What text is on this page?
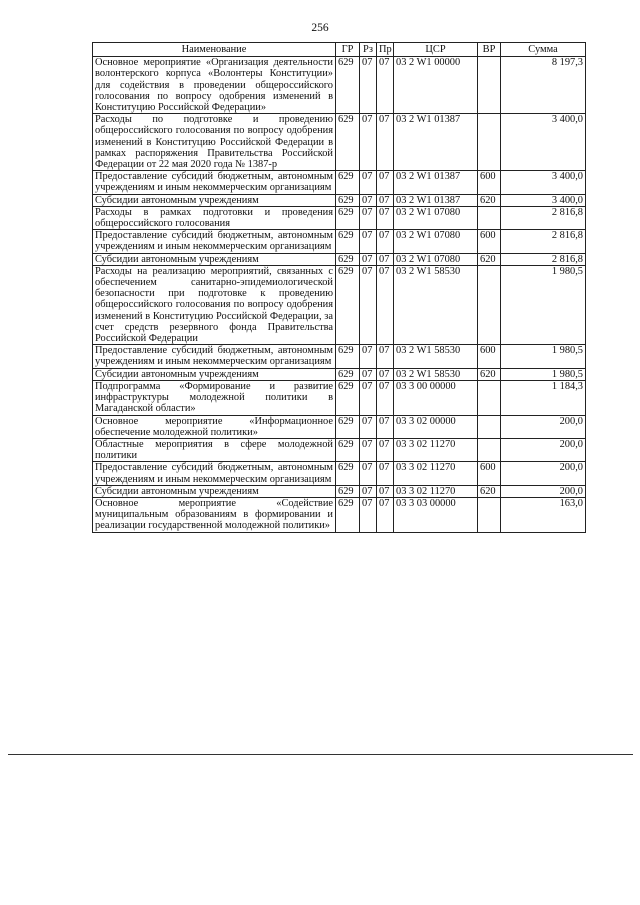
256
Наименование	ГР	Рз	Пр	ЦСР	ВР	Сумма
Основное мероприятие «Организация деятельности волонтерского корпуса «Волонтеры Конституции» для содействия в проведении общероссийского голосования по вопросу одобрения изменений в Конституцию Российской Федерации»	629	07	07	03 2 W1 00000		8 197,3
Расходы по подготовке и проведению общероссийского голосования по вопросу одобрения изменений в Конституцию Российской Федерации в рамках распоряжения Правительства Российской Федерации от 22 мая 2020 года № 1387-р	629	07	07	03 2 W1 01387		3 400,0
Предоставление субсидий бюджетным, автономным учреждениям и иным некоммерческим организациям	629	07	07	03 2 W1 01387	600	3 400,0
Субсидии автономным учреждениям	629	07	07	03 2 W1 01387	620	3 400,0
Расходы в рамках подготовки и проведения общероссийского голосования	629	07	07	03 2 W1 07080		2 816,8
Предоставление субсидий бюджетным, автономным учреждениям и иным некоммерческим организациям	629	07	07	03 2 W1 07080	600	2 816,8
Субсидии автономным учреждениям	629	07	07	03 2 W1 07080	620	2 816,8
Расходы на реализацию мероприятий, связанных с обеспечением санитарно-эпидемиологической безопасности при подготовке к проведению общероссийского голосования по вопросу одобрения изменений в Конституцию Российской Федерации, за счет средств резервного фонда Правительства Российской Федерации	629	07	07	03 2 W1 58530		1 980,5
Предоставление субсидий бюджетным, автономным учреждениям и иным некоммерческим организациям	629	07	07	03 2 W1 58530	600	1 980,5
Субсидии автономным учреждениям	629	07	07	03 2 W1 58530	620	1 980,5
Подпрограмма «Формирование и развитие инфраструктуры молодежной политики в Магаданской области»	629	07	07	03 3 00 00000		1 184,3
Основное мероприятие «Информационное обеспечение молодежной политики»	629	07	07	03 3 02 00000		200,0
Областные мероприятия в сфере молодежной политики	629	07	07	03 3 02 11270		200,0
Предоставление субсидий бюджетным, автономным учреждениям и иным некоммерческим организациям	629	07	07	03 3 02 11270	600	200,0
Субсидии автономным учреждениям	629	07	07	03 3 02 11270	620	200,0
Основное мероприятие «Содействие муниципальным образованиям в формировании и реализации государственной молодежной политики»	629	07	07	03 3 03 00000		163,0
